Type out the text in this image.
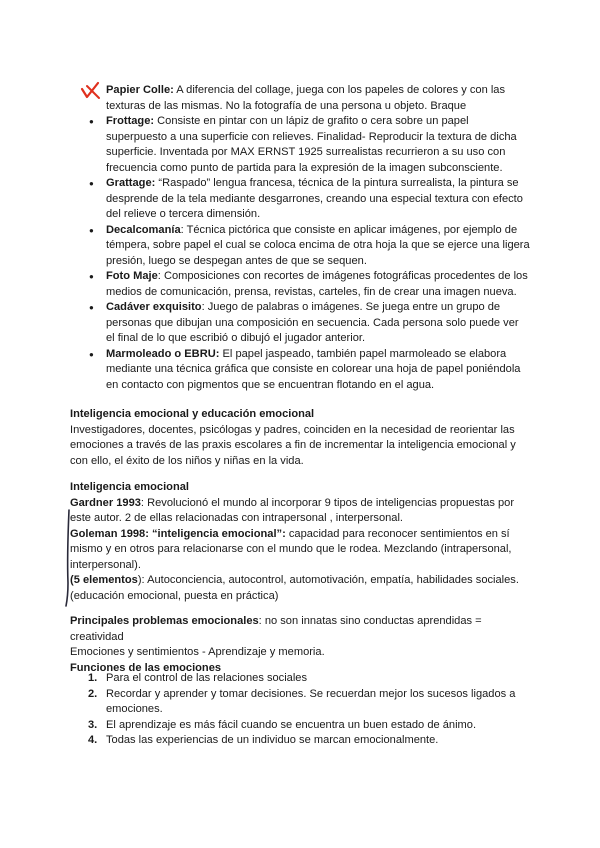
Papier Colle: A diferencia del collage, juega con los papeles de colores y con las texturas de las mismas. No la fotografía de una persona u objeto. Braque
● Frottage: Consiste en pintar con un lápiz de grafito o cera sobre un papel superpuesto a una superficie con relieves. Finalidad- Reproducir la textura de dicha superficie. Inventada por MAX ERNST 1925 surrealistas recurrieron a su uso con frecuencia como punto de partida para la expresión de la imagen subconsciente.
● Grattage: “Raspado” lengua francesa, técnica de la pintura surrealista, la pintura se desprende de la tela mediante desgarrones, creando una especial textura con efecto del relieve o tercera dimensión.
● Decalcomanía: Técnica pictórica que consiste en aplicar imágenes, por ejemplo de témpera, sobre papel el cual se coloca encima de otra hoja la que se ejerce una ligera presión, luego se despegan antes de que se sequen.
● Foto Maje: Composiciones con recortes de imágenes fotográficas procedentes de los medios de comunicación, prensa, revistas, carteles, fin de crear una imagen nueva.
● Cadáver exquisito: Juego de palabras o imágenes. Se juega entre un grupo de personas que dibujan una composición en secuencia. Cada persona solo puede ver el final de lo que escribió o dibujó el jugador anterior.
● Marmoleado o EBRU: El papel jaspeado, también papel marmoleado se elabora mediante una técnica gráfica que consiste en colorear una hoja de papel poniéndola en contacto con pigmentos que se encuentran flotando en el agua.
Inteligencia emocional y educación emocional
Investigadores, docentes, psicólogas y padres, coinciden en la necesidad de reorientar las emociones a través de las praxis escolares a fin de incrementar la inteligencia emocional y con ello, el éxito de los niños y niñas en la vida.
Inteligencia emocional
Gardner 1993: Revolucionó el mundo al incorporar 9 tipos de inteligencias propuestas por este autor. 2 de ellas relacionadas con intrapersonal , interpersonal.
Goleman 1998: “inteligencia emocional”: capacidad para reconocer sentimientos en sí mismo y en otros para relacionarse con el mundo que le rodea. Mezclando (intrapersonal, interpersonal).
(5 elementos): Autoconciencia, autocontrol, automotivación, empatía, habilidades sociales. (educación emocional, puesta en práctica)
Principales problemas emocionales: no son innatas sino conductas aprendidas = creatividad
Emociones y sentimientos - Aprendizaje y memoria.
Funciones de las emociones
1. Para el control de las relaciones sociales
2. Recordar y aprender y tomar decisiones. Se recuerdan mejor los sucesos ligados a emociones.
3. El aprendizaje es más fácil cuando se encuentra un buen estado de ánimo.
4. Todas las experiencias de un individuo se marcan emocionalmente.
